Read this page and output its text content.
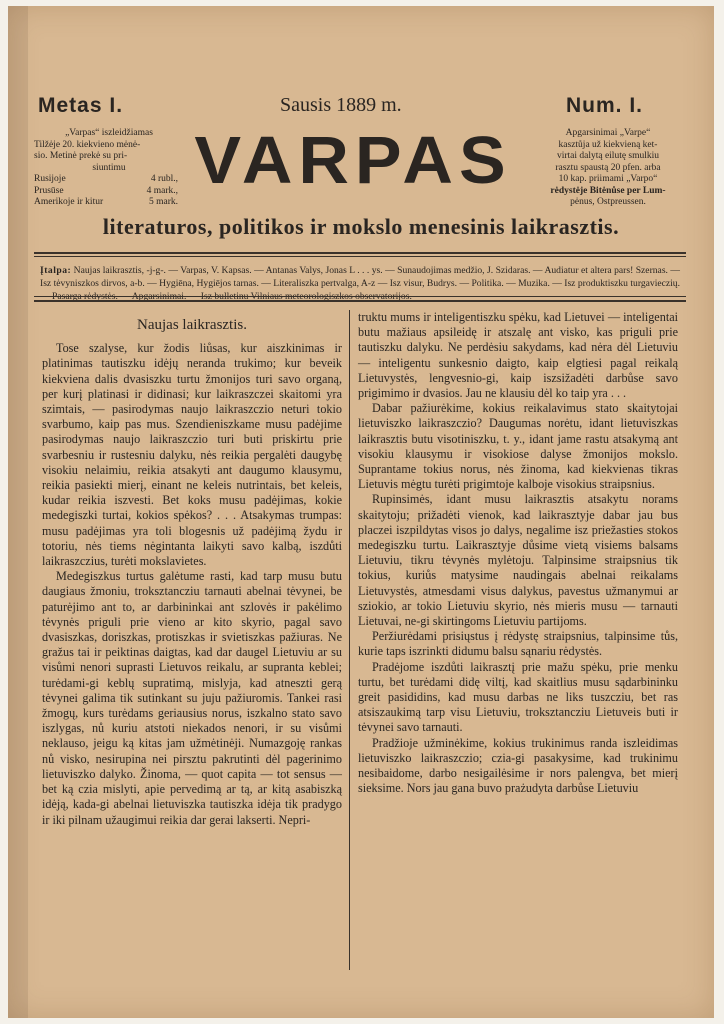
Metas I.	Sausis 1889 m.	Num. I.
„Varpas“ iszleidžiamas
Tilžėje 20. kiekvieno mėnė-
sio. Metinė prekė su pri-
siuntimu
Rusijoje	4 rubl.,
Prusūse	4 mark.,
Amerikoje ir kitur	5 mark.
VARPAS	Apgarsinimai „Varpe“
kasztůja už kiekvieną ket-
virtai dalytą eilutę smulkiu
rasztu spaustą 20 pfen. arba
10 kap. priimami „Varpo“
rėdystėje Bitėnůse per Lum-
pėnus, Ostpreussen.
literaturos, politikos ir mokslo menesinis laikrasztis.
Įtalpa: Naujas laikrasztis, -j-g-. — Varpas, V. Kapsas. — Antanas Valys, Jonas L . . . ys. — Sunaudojimas medžio, J. Szidaras. — Audiatur et altera pars! Szernas. — Isz tėvyniszkos dirvos, a-b. — Hygiēna, Hygiējos tarnas. — Literaliszka pertvalga, A-z — Isz visur, Budrys. — Politika. — Muzika. — Isz produktiszku turgavieczių.
Naujas laikrasztis.

Tose szalyse, kur žodis liůsas, kur aiszkinimas ir platinimas tautiszku idėjų neranda trukimo; kur beveik kiekviena dalis dvasiszku turtu žmonijos turi savo organą, per kurį platinasi ir didinasi; kur laikraszczei skaitomi yra szimtais, — pasirodymas naujo laikraszczio neturi tokio svarbumo, kaip pas mus. Szendieniszkame musu padėjime pasirodymas naujo laikraszczio turi buti priskirtu prie svarbesniu ir rustesniu dalyku, nės reikia pergalėti daugybę visokiu nelaimiu, reikia atsakyti ant daugumo klausymu, reikia pasiekti mierį, einant ne keleis nutrintais, bet keleis, kudar reikia iszvesti. Bet koks musu padėjimas, kokie medegiszki turtai, kokios spėkos? . . . Atsakymas trumpas: musu padėjimas yra toli blogesnis už padėjimą žydu ir totoriu, nės tiems nėgintanta laikyti savo kalbą, iszdůti laikraszczius, turėti mokslavietes.

Medegiszkus turtus galėtume rasti, kad tarp musu butu daugiaus žmoniu, troksztancziu tarnauti abelnai tėvynei, be paturėjimo ant to, ar darbininkai ant szlovės ir pakėlimo tėvynės priguli prie vieno ar kito skyrio, pagal savo dvasiszkas, doriszkas, protiszkas ir svietiszkas pažiuras. Ne gražus tai ir peiktinas daigtas, kad dar daugel Lietuviu ar su visůmi nenori suprasti Lietuvos reikalu, ar supranta keblei; turėdami-gi keblų supratimą, mislyja, kad atneszti gerą tėvynei galima tik sutinkant su juju pažiuromis. Tankei rasi žmogų, kurs turėdams geriausius norus, iszkalno stato savo iszlygas, nů kuriu atstoti niekados nenori, ir su visůmi neklauso, jeigu ką kitas jam užmėtinėji. Numazgoję rankas nů visko, nesirupina nei pirsztu pakrutinti dėl pagerinimo lietuviszko dalyko. Žinoma, — quot capita — tot sensus — bet ką czia mislyti, apie pervedimą ar tą, ar kitą asabiszką idėją, kada-gi abelnai lietuviszka tautiszka idėja tik pradygo ir iki pilnam užaugimui reikia dar gerai lakserti. Nepri-

truktu mums ir inteligentiszku spėku, kad Lietuvei — inteligentai butu mažiaus apsileidę ir atszalę ant visko, kas priguli prie tautiszku dalyku. Ne perdėsiu sakydams, kad nėra dėl Lietuviu — inteligentu sunkesnio daigto, kaip elgtiesi pagal reikalą Lietuvystės, lengvesnio-gi, kaip iszsižadėti darbůse savo prigimimo ir dvasios. Jau ne klausiu dėl ko taip yra . . .

Dabar pažiurėkime, kokius reikalavimus stato skaitytojai lietuviszko laikraszczio? Daugumas norėtu, idant lietuviszkas laikrasztis butu visotiniszku, t. y., idant jame rastu atsakymą ant visokiu klausymu ir visokiose dalyse žmonijos mokslo. Suprantame tokius norus, nės žinoma, kad kiekvienas tikras Lietuvis mėgtu turėti prigimtoje kalboje visokius straipsnius.

Rupinsimės, idant musu laikrasztis atsakytu norams skaitytoju; prižadėti vienok, kad laikrasztyje dabar jau bus placzei iszpildytas visos jo dalys, negalime isz priežasties stokos medegiszku turtu. Laikrasztyje důsime vietą visiems balsams Lietuviu, tikru tėvynės mylėtoju. Talpinsime straipsnius tik tokius, kuriůs matysime naudingais abelnai reikalams Lietuvystės, atmesdami visus dalykus, pavestus užmanymui ar sziokio, ar tokio Lietuviu skyrio, nės mieris musu — tarnauti Lietuvai, ne-gi skirtingoms Lietuviu partijoms.

Peržiurėdami prisiųstus į rėdystę straipsnius, talpinsime tůs, kurie taps iszrinkti didumu balsu sąnariu rėdystės.

Pradėjome iszdůti laikrasztį prie mažu spėku, prie menku turtu, bet turėdami didę viltį, kad skaitlius musu sądarbininku greit pasididins, kad musu darbas ne liks tuszcziu, bet ras atsiszaukimą tarp visu Lietuviu, troksztancziu Lietuveis buti ir tėvynei savo tarnauti.

Pradžioje užminėkime, kokius trukinimus randa iszleidimas lietuviszko laikraszczio; czia-gi pasakysime, kad trukinimu nesibaidome, darbo nesigailėsime ir nors palengva, bet mierį sieksime. Nors jau gana buvo prażudyta darbůse Lietuviu
